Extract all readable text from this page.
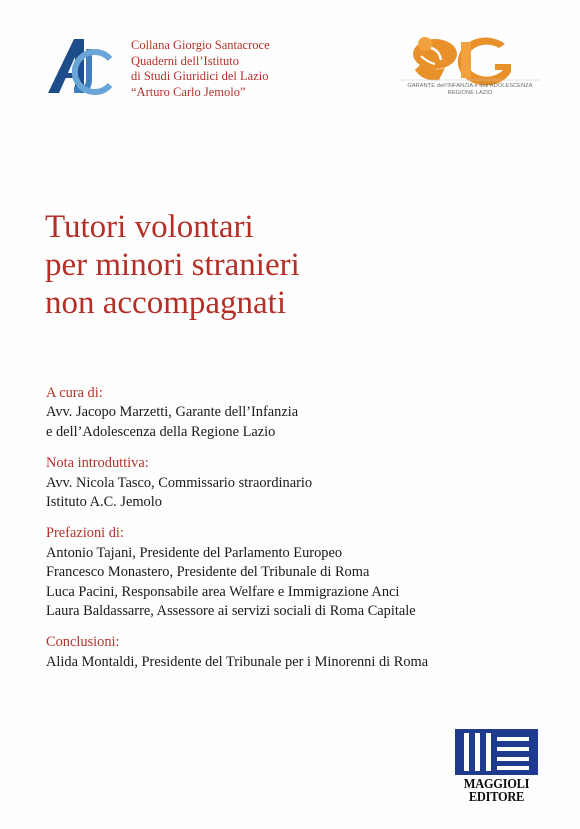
Collana Giorgio Santacroce
Quaderni dell’Istituto
di Studi Giuridici del Lazio
“Arturo Carlo Jemolo”	GARANTE dell’INFANZIA e dell’ADOLESCENZA
REGIONE LAZIO
Tutori volontari
per minori stranieri
non accompagnati
A cura di:
Avv. Jacopo Marzetti, Garante dell’Infanzia
e dell’Adolescenza della Regione Lazio
Nota introduttiva:
Avv. Nicola Tasco, Commissario straordinario
Istituto A.C. Jemolo
Prefazioni di:
Antonio Tajani, Presidente del Parlamento Europeo
Francesco Monastero, Presidente del Tribunale di Roma
Luca Pacini, Responsabile area Welfare e Immigrazione Anci
Laura Baldassarre, Assessore ai servizi sociali di Roma Capitale
Conclusioni:
Alida Montaldi, Presidente del Tribunale per i Minorenni di Roma
MAGGIOLI
EDITORE
